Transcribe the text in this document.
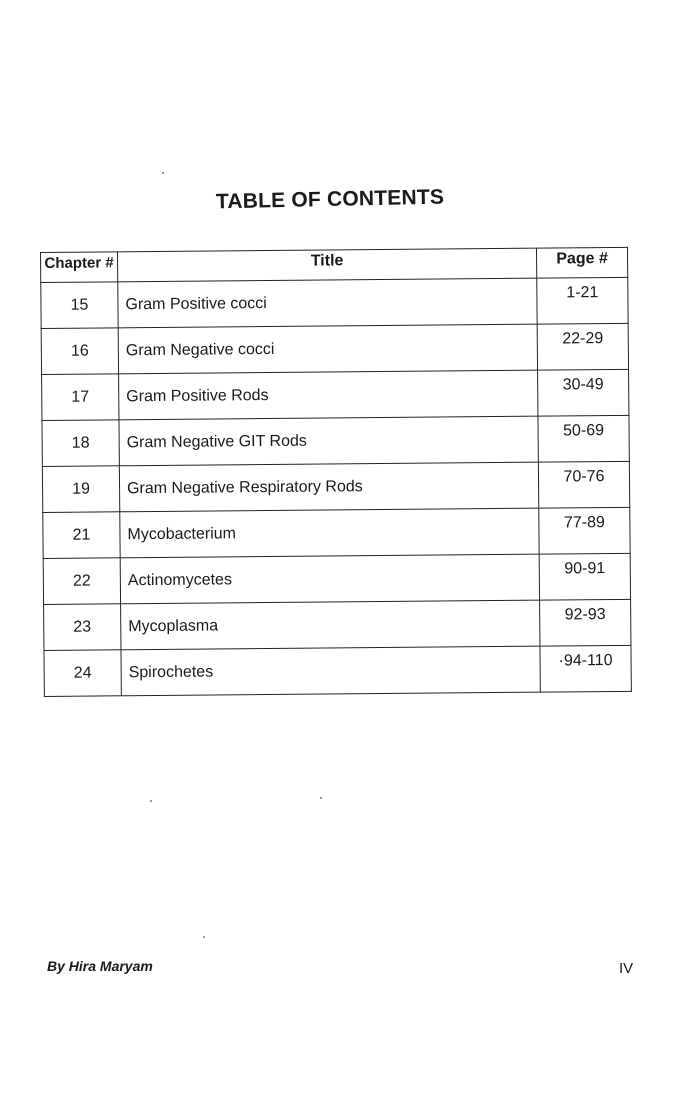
TABLE OF CONTENTS
Chapter #	Title	Page #
15	Gram Positive cocci	1-21
16	Gram Negative cocci	22-29
17	Gram Positive Rods	30-49
18	Gram Negative GIT Rods	50-69
19	Gram Negative Respiratory Rods	70-76
21	Mycobacterium	77-89
22	Actinomycetes	90-91
23	Mycoplasma	92-93
24	Spirochetes	·94-110
By Hira Maryam	IV
